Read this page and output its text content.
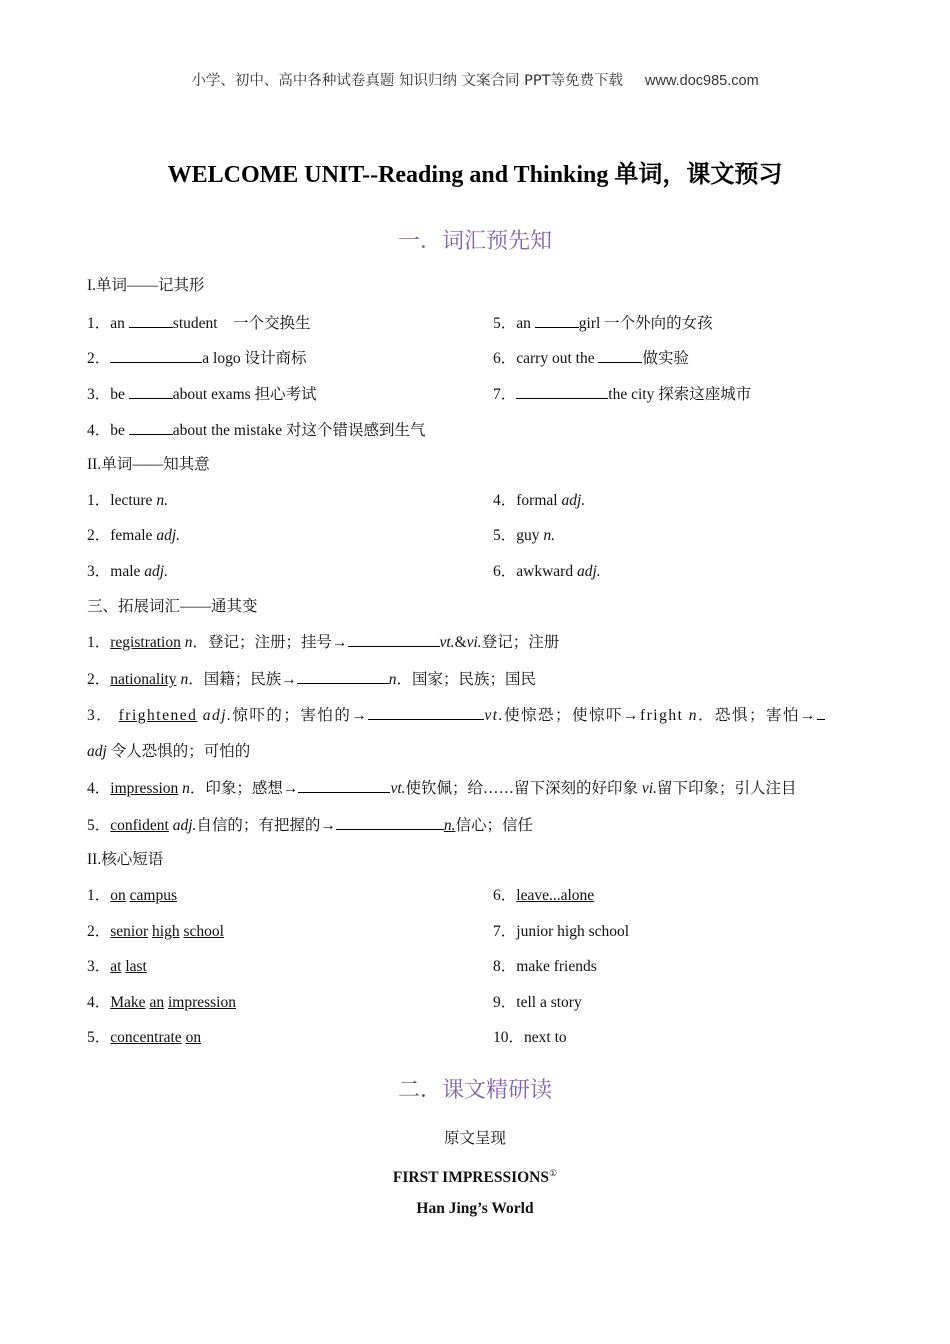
小学、初中、高中各种试卷真题 知识归纳 文案合同 PPT等免费下载 www.doc985.com
WELCOME UNIT--Reading and Thinking 单词，课文预习
一．词汇预先知
I.单词——记其形
1．an	student　一个交换生
2．	a logo 设计商标
3．be	about exams 担心考试
4．be	about the mistake 对这个错误感到生气
5．an	girl 一个外向的女孩
6．carry out the	做实验
7．	the city 探索这座城市
II.单词——知其意
1．lecture n.
2．female adj.
3．male adj.
4．formal adj.
5．guy n.
6．awkward adj.
三、拓展词汇——通其变
1．registration n．登记；注册；挂号→	vt.&vi.登记；注册
2．nationality n．国籍；民族→	n．国家；民族；国民
3． frightened adj.惊吓的；害怕的→	vt.使惊恐；使惊吓→fright n．恐惧；害怕→
adj 令人恐惧的；可怕的
4．impression n．印象；感想→	vt.使钦佩；给……留下深刻的好印象 vi.留下印象；引人注目
5．confident adj.自信的；有把握的→	n.信心；信任
II.核心短语
1．on campus
2．senior high school
3．at last
4．Make an impression
5．concentrate on
6．leave...alone
7．junior high school
8．make friends
9．tell a story
10．next to
二．课文精研读
原文呈现
FIRST IMPRESSIONS①
Han Jing’s World
